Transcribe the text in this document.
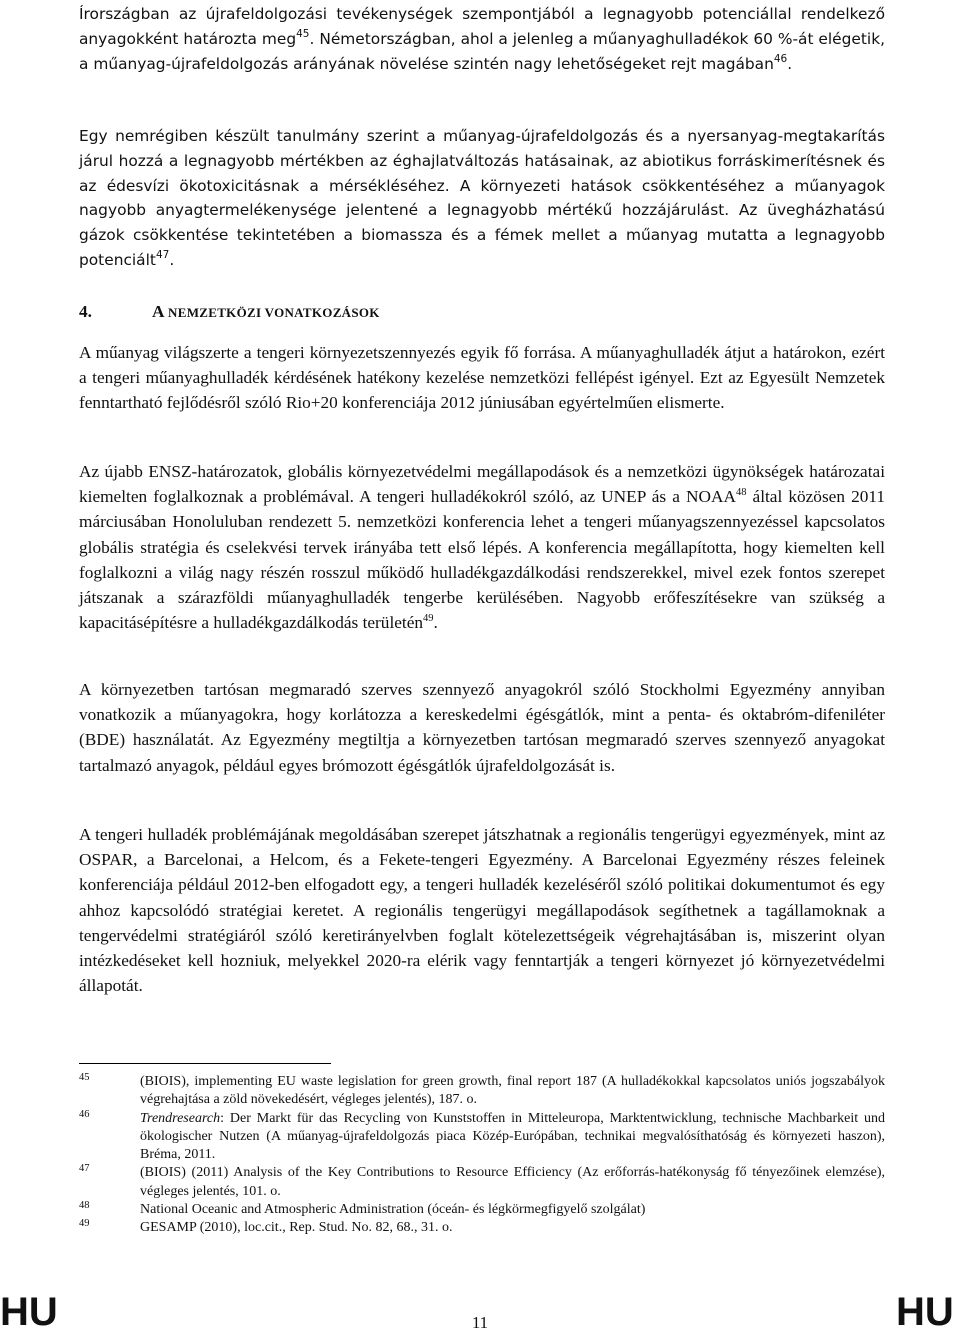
Írországban az újrafeldolgozási tevékenységek szempontjából a legnagyobb potenciállal rendelkező anyagokként határozta meg$^{45}$. Németországban, ahol a jelenleg a műanyaghulladékok 60 %-át elégetik, a műanyag-újrafeldolgozás arányának növelése szintén nagy lehetőségeket rejt magában$^{46}$.

Egy nemrégiben készült tanulmány szerint a műanyag-újrafeldolgozás és a nyersanyag-megtakarítás járul hozzá a legnagyobb mértékben az éghajlatváltozás hatásainak, az abiotikus forráskimerítésnek és az édesvízi ökotoxicitásnak a mérsékléséhez. A környezeti hatások csökkentéséhez a műanyagok nagyobb anyagtermelékenysége jelentené a legnagyobb mértékű hozzájárulást. Az üvegházhatású gázok csökkentése tekintetében a biomassza és a fémek mellet a műanyag mutatta a legnagyobb potenciált$^{47}$.

4.	A NEMZETKÖZI VONATKOZÁSOK

A műanyag világszerte a tengeri környezetszennyezés egyik fő forrása. A műanyaghulladék átjut a határokon, ezért a tengeri műanyaghulladék kérdésének hatékony kezelése nemzetközi fellépést igényel. Ezt az Egyesült Nemzetek fenntartható fejlődésről szóló Rio+20 konferenciája 2012 júniusában egyértelműen elismerte.

Az újabb ENSZ-határozatok, globális környezetvédelmi megállapodások és a nemzetközi ügynökségek határozatai kiemelten foglalkoznak a problémával. A tengeri hulladékokról szóló, az UNEP ás a NOAA$^{48}$ által közösen 2011 márciusában Honoluluban rendezett 5. nemzetközi konferencia lehet a tengeri műanyagszennyezéssel kapcsolatos globális stratégia és cselekvési tervek irányába tett első lépés. A konferencia megállapította, hogy kiemelten kell foglalkozni a világ nagy részén rosszul működő hulladékgazdálkodási rendszerekkel, mivel ezek fontos szerepet játszanak a szárazföldi műanyaghulladék tengerbe kerülésében. Nagyobb erőfeszítésekre van szükség a kapacitásépítésre a hulladékgazdálkodás területén$^{49}$.

A környezetben tartósan megmaradó szerves szennyező anyagokról szóló Stockholmi Egyezmény annyiban vonatkozik a műanyagokra, hogy korlátozza a kereskedelmi égésgátlók, mint a penta- és oktabróm-difeniléter (BDE) használatát. Az Egyezmény megtiltja a környezetben tartósan megmaradó szerves szennyező anyagokat tartalmazó anyagok, például egyes brómozott égésgátlók újrafeldolgozását is.

A tengeri hulladék problémájának megoldásában szerepet játszhatnak a regionális tengerügyi egyezmények, mint az OSPAR, a Barcelonai, a Helcom, és a Fekete-tengeri Egyezmény. A Barcelonai Egyezmény részes feleinek konferenciája például 2012-ben elfogadott egy, a tengeri hulladék kezeléséről szóló politikai dokumentumot és egy ahhoz kapcsolódó stratégiai keretet. A regionális tengerügyi megállapodások segíthetnek a tagállamoknak a tengervédelmi stratégiáról szóló keretirányelvben foglalt kötelezettségeik végrehajtásában is, miszerint olyan intézkedéseket kell hozniuk, melyekkel 2020-ra elérik vagy fenntartják a tengeri környezet jó környezetvédelmi állapotát.

45	(BIOIS), implementing EU waste legislation for green growth, final report 187 (A hulladékokkal kapcsolatos uniós jogszabályok végrehajtása a zöld növekedésért, végleges jelentés), 187. o.
46	Trendresearch: Der Markt für das Recycling von Kunststoffen in Mitteleuropa, Marktentwicklung, technische Machbarkeit und ökologischer Nutzen (A műanyag-újrafeldolgozás piaca Közép-Európában, technikai megvalósíthatóság és környezeti haszon), Bréma, 2011.
47	(BIOIS) (2011) Analysis of the Key Contributions to Resource Efficiency (Az erőforrás-hatékonyság fő tényezőinek elemzése), végleges jelentés, 101. o.
48	National Oceanic and Atmospheric Administration (óceán- és légkörmegfigyelő szolgálat)
49	GESAMP (2010), loc.cit., Rep. Stud. No. 82, 68., 31. o.
HU	11	HU
